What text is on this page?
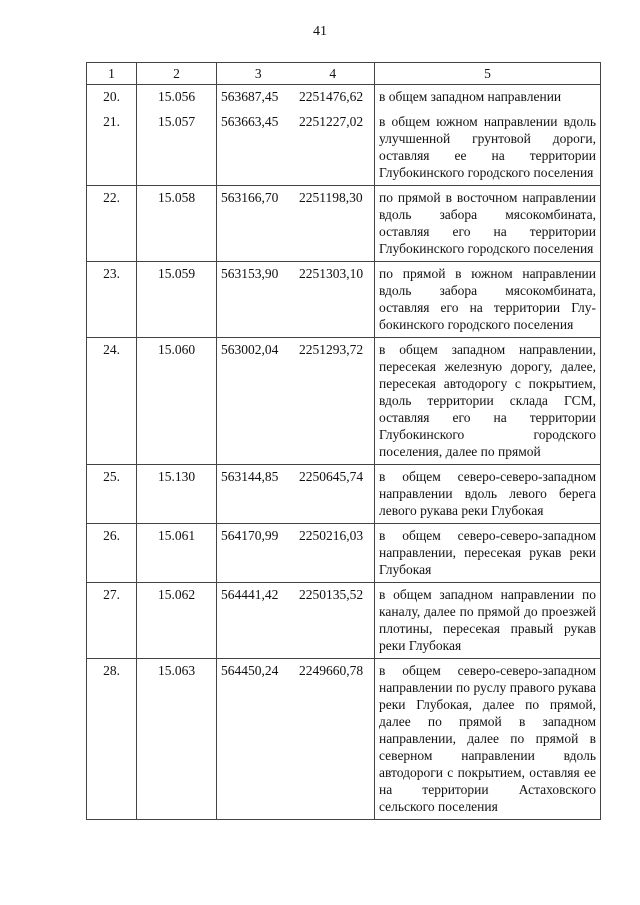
41
1	2	3 4	5
20.	15.056	563687,45 2251476,62	в общем западном направлении
21.	15.057	563663,45 2251227,02	в общем южном направлении вдоль улучшенной грунтовой дороги, оставляя ее на территории Глубокинского городского поселения
22.	15.058	563166,70 2251198,30	по прямой в восточном направлении вдоль забора мясокомбината, оставляя его на территории Глубокинского городского поселения
23.	15.059	563153,90 2251303,10	по прямой в южном направлении вдоль забора мясокомбината, оставляя его на территории Глубокинского городского поселения
24.	15.060	563002,04 2251293,72	в общем западном направлении, пересекая железную дорогу, далее, пересекая автодорогу с покрытием, вдоль территории склада ГСМ, оставляя его на территории Глубокинского городского поселения, далее по прямой
25.	15.130	563144,85 2250645,74	в общем северо-северо-западном направлении вдоль левого берега левого рукава реки Глубокая
26.	15.061	564170,99 2250216,03	в общем северо-северо-западном направлении, пересекая рукав реки Глубокая
27.	15.062	564441,42 2250135,52	в общем западном направлении по каналу, далее по прямой до проезжей плотины, пересекая правый рукав реки Глубокая
28.	15.063	564450,24 2249660,78	в общем северо-северо-западном направлении по руслу правого рукава реки Глубокая, далее по прямой, далее по прямой в западном направлении, далее по прямой в северном направлении вдоль автодороги с покрытием, оставляя ее на территории Астаховского сельского поселения
